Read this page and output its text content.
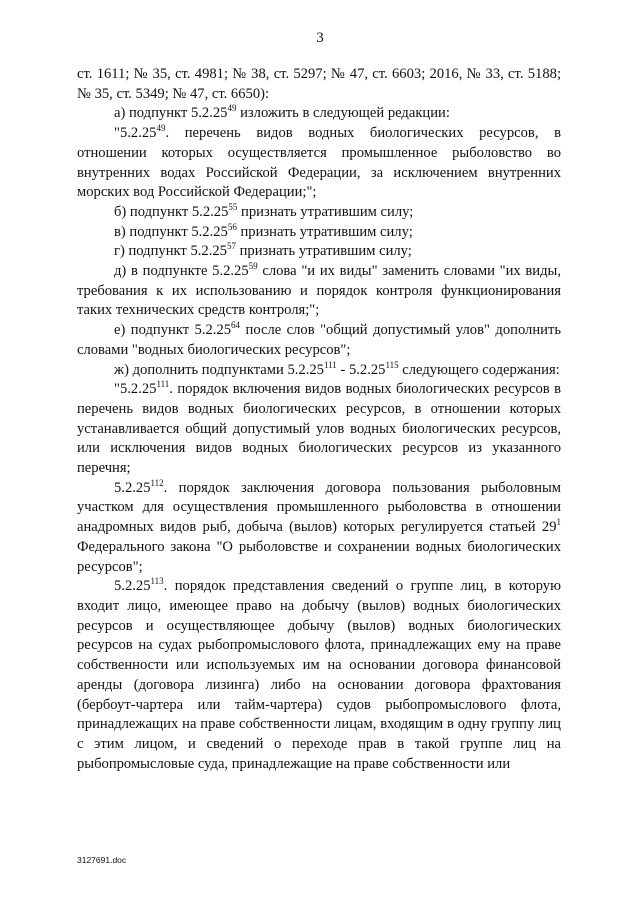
3

ст. 1611; № 35, ст. 4981; № 38, ст. 5297; № 47, ст. 6603; 2016, № 33, ст. 5188; № 35, ст. 5349; № 47, ст. 6650):

а) подпункт 5.2.25$^{49}$ изложить в следующей редакции:

"5.2.25$^{49}$. перечень видов водных биологических ресурсов, в отношении которых осуществляется промышленное рыболовство во внутренних водах Российской Федерации, за исключением внутренних морских вод Российской Федерации;";

б) подпункт 5.2.25$^{55}$ признать утратившим силу;

в) подпункт 5.2.25$^{56}$ признать утратившим силу;

г) подпункт 5.2.25$^{57}$ признать утратившим силу;

д) в подпункте 5.2.25$^{59}$ слова "и их виды" заменить словами "их виды, требования к их использованию и порядок контроля функционирования таких технических средств контроля;";

е) подпункт 5.2.25$^{64}$ после слов "общий допустимый улов" дополнить словами "водных биологических ресурсов";

ж) дополнить подпунктами 5.2.25$^{111}$ - 5.2.25$^{115}$ следующего содержания:

"5.2.25$^{111}$. порядок включения видов водных биологических ресурсов в перечень видов водных биологических ресурсов, в отношении которых устанавливается общий допустимый улов водных биологических ресурсов, или исключения видов водных биологических ресурсов из указанного перечня;

5.2.25$^{112}$. порядок заключения договора пользования рыболовным участком для осуществления промышленного рыболовства в отношении анадромных видов рыб, добыча (вылов) которых регулируется статьей $29^1$ Федерального закона "О рыболовстве и сохранении водных биологических ресурсов";

5.2.25$^{113}$. порядок представления сведений о группе лиц, в которую входит лицо, имеющее право на добычу (вылов) водных биологических ресурсов и осуществляющее добычу (вылов) водных биологических ресурсов на судах рыбопромыслового флота, принадлежащих ему на праве собственности или используемых им на основании договора финансовой аренды (договора лизинга) либо на основании договора фрахтования (бербоут-чартера или тайм-чартера) судов рыбопромыслового флота, принадлежащих на праве собственности лицам, входящим в одну группу лиц с этим лицом, и сведений о переходе прав в такой группе лиц на рыбопромысловые суда, принадлежащие на праве собственности или

3127691.doc
